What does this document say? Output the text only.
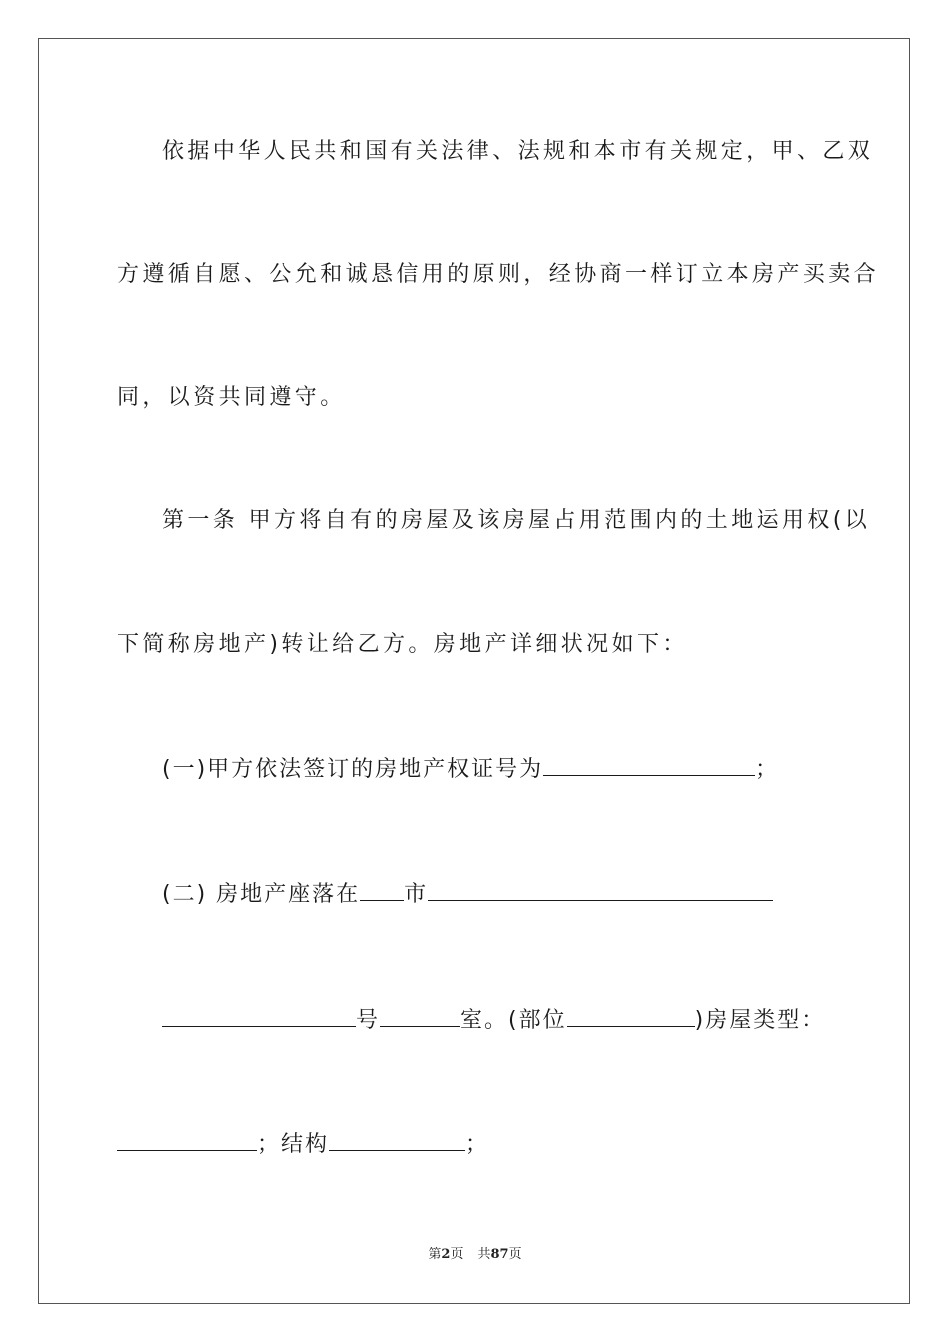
依据中华人民共和国有关法律、法规和本市有关规定，甲、乙双
方遵循自愿、公允和诚恳信用的原则，经协商一样订立本房产买卖合
同，以资共同遵守。
第一条 甲方将自有的房屋及该房屋占用范围内的土地运用权(以
下简称房地产)转让给乙方。房地产详细状况如下：
(一)甲方依法签订的房地产权证号为	；
(二) 房地产座落在 市
号	室。(部位	)房屋类型：
；结构	；
第2页 共87页
